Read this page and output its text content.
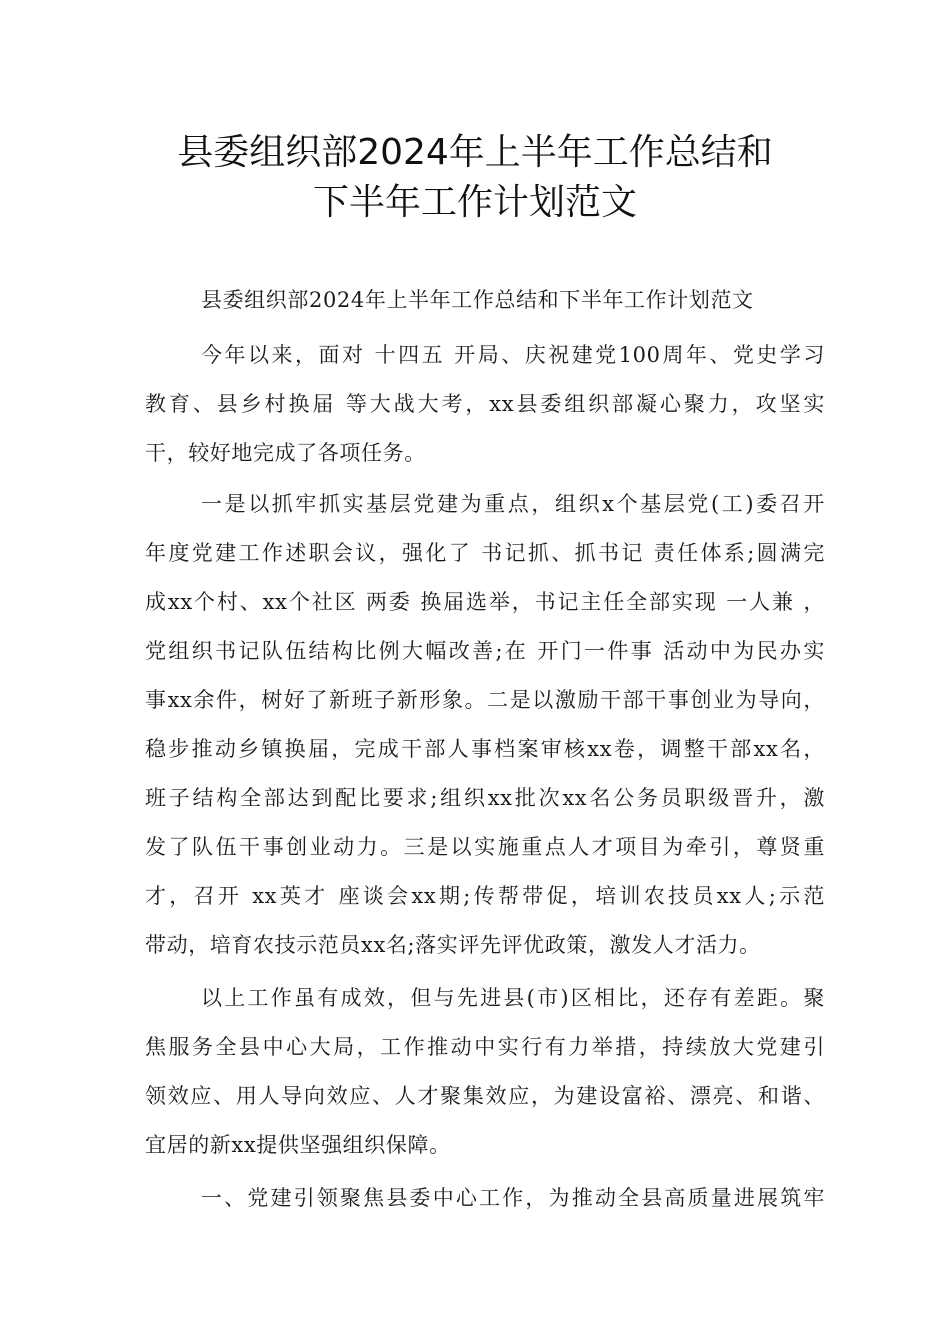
县委组织部2024年上半年工作总结和
下半年工作计划范文
县委组织部2024年上半年工作总结和下半年工作计划范文
今年以来，面对 十四五 开局、庆祝建党100周年、党史学习
教育、县乡村换届 等大战大考，xx县委组织部凝心聚力，攻坚实
干，较好地完成了各项任务。
一是以抓牢抓实基层党建为重点，组织x个基层党(工)委召开
年度党建工作述职会议，强化了 书记抓、抓书记 责任体系;圆满完
成xx个村、xx个社区 两委 换届选举，书记主任全部实现 一人兼 ，
党组织书记队伍结构比例大幅改善;在 开门一件事 活动中为民办实
事xx余件，树好了新班子新形象。二是以激励干部干事创业为导向，
稳步推动乡镇换届，完成干部人事档案审核xx卷，调整干部xx名，
班子结构全部达到配比要求;组织xx批次xx名公务员职级晋升，激
发了队伍干事创业动力。三是以实施重点人才项目为牵引，尊贤重
才，召开 xx英才 座谈会xx期;传帮带促，培训农技员xx人;示范
带动，培育农技示范员xx名;落实评先评优政策，激发人才活力。
以上工作虽有成效，但与先进县(市)区相比，还存有差距。聚
焦服务全县中心大局，工作推动中实行有力举措，持续放大党建引
领效应、用人导向效应、人才聚集效应，为建设富裕、漂亮、和谐、
宜居的新xx提供坚强组织保障。
一、党建引领聚焦县委中心工作，为推动全县高质量进展筑牢
